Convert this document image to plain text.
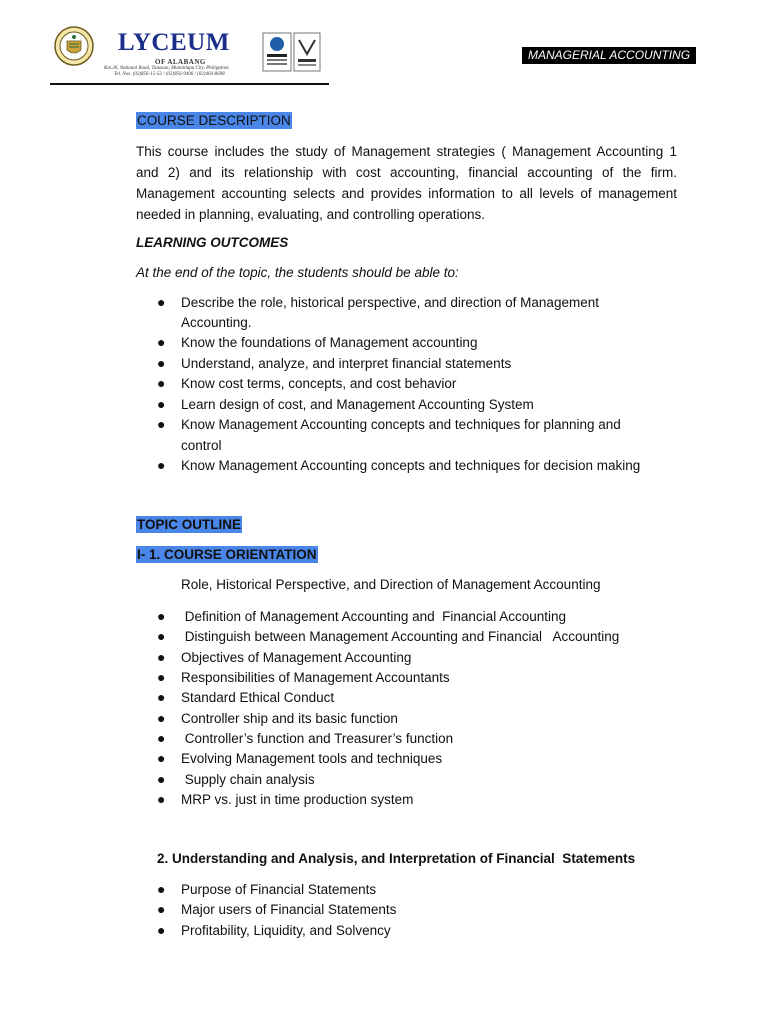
LYCEUM
OF ALABANG
Km.30, National Road, Tunasan, Muntinlupa City, Philippines
Tel. Nos. (02)856-15-53 / (02)856-9496 / (02)403-8698
MANAGERIAL ACCOUNTING
COURSE DESCRIPTION
This course includes the study of Management strategies ( Management Accounting 1
and 2) and its relationship with cost accounting, financial accounting of the firm.
Management accounting selects and provides information to all levels of management
needed in planning, evaluating, and controlling operations.
LEARNING OUTCOMES
At the end of the topic, the students should be able to:
● Describe the role, historical perspective, and direction of Management
Accounting.
● Know the foundations of Management accounting
● Understand, analyze, and interpret financial statements
● Know cost terms, concepts, and cost behavior
● Learn design of cost, and Management Accounting System
● Know Management Accounting concepts and techniques for planning and
control
● Know Management Accounting concepts and techniques for decision making
TOPIC OUTLINE
I- 1. COURSE ORIENTATION
Role, Historical Perspective, and Direction of Management Accounting
● Definition of Management Accounting and  Financial Accounting
● Distinguish between Management Accounting and Financial   Accounting
● Objectives of Management Accounting
● Responsibilities of Management Accountants
● Standard Ethical Conduct
● Controller ship and its basic function
● Controller’s function and Treasurer’s function
● Evolving Management tools and techniques
● Supply chain analysis
● MRP vs. just in time production system
2. Understanding and Analysis, and Interpretation of Financial  Statements
● Purpose of Financial Statements
● Major users of Financial Statements
● Profitability, Liquidity, and Solvency
